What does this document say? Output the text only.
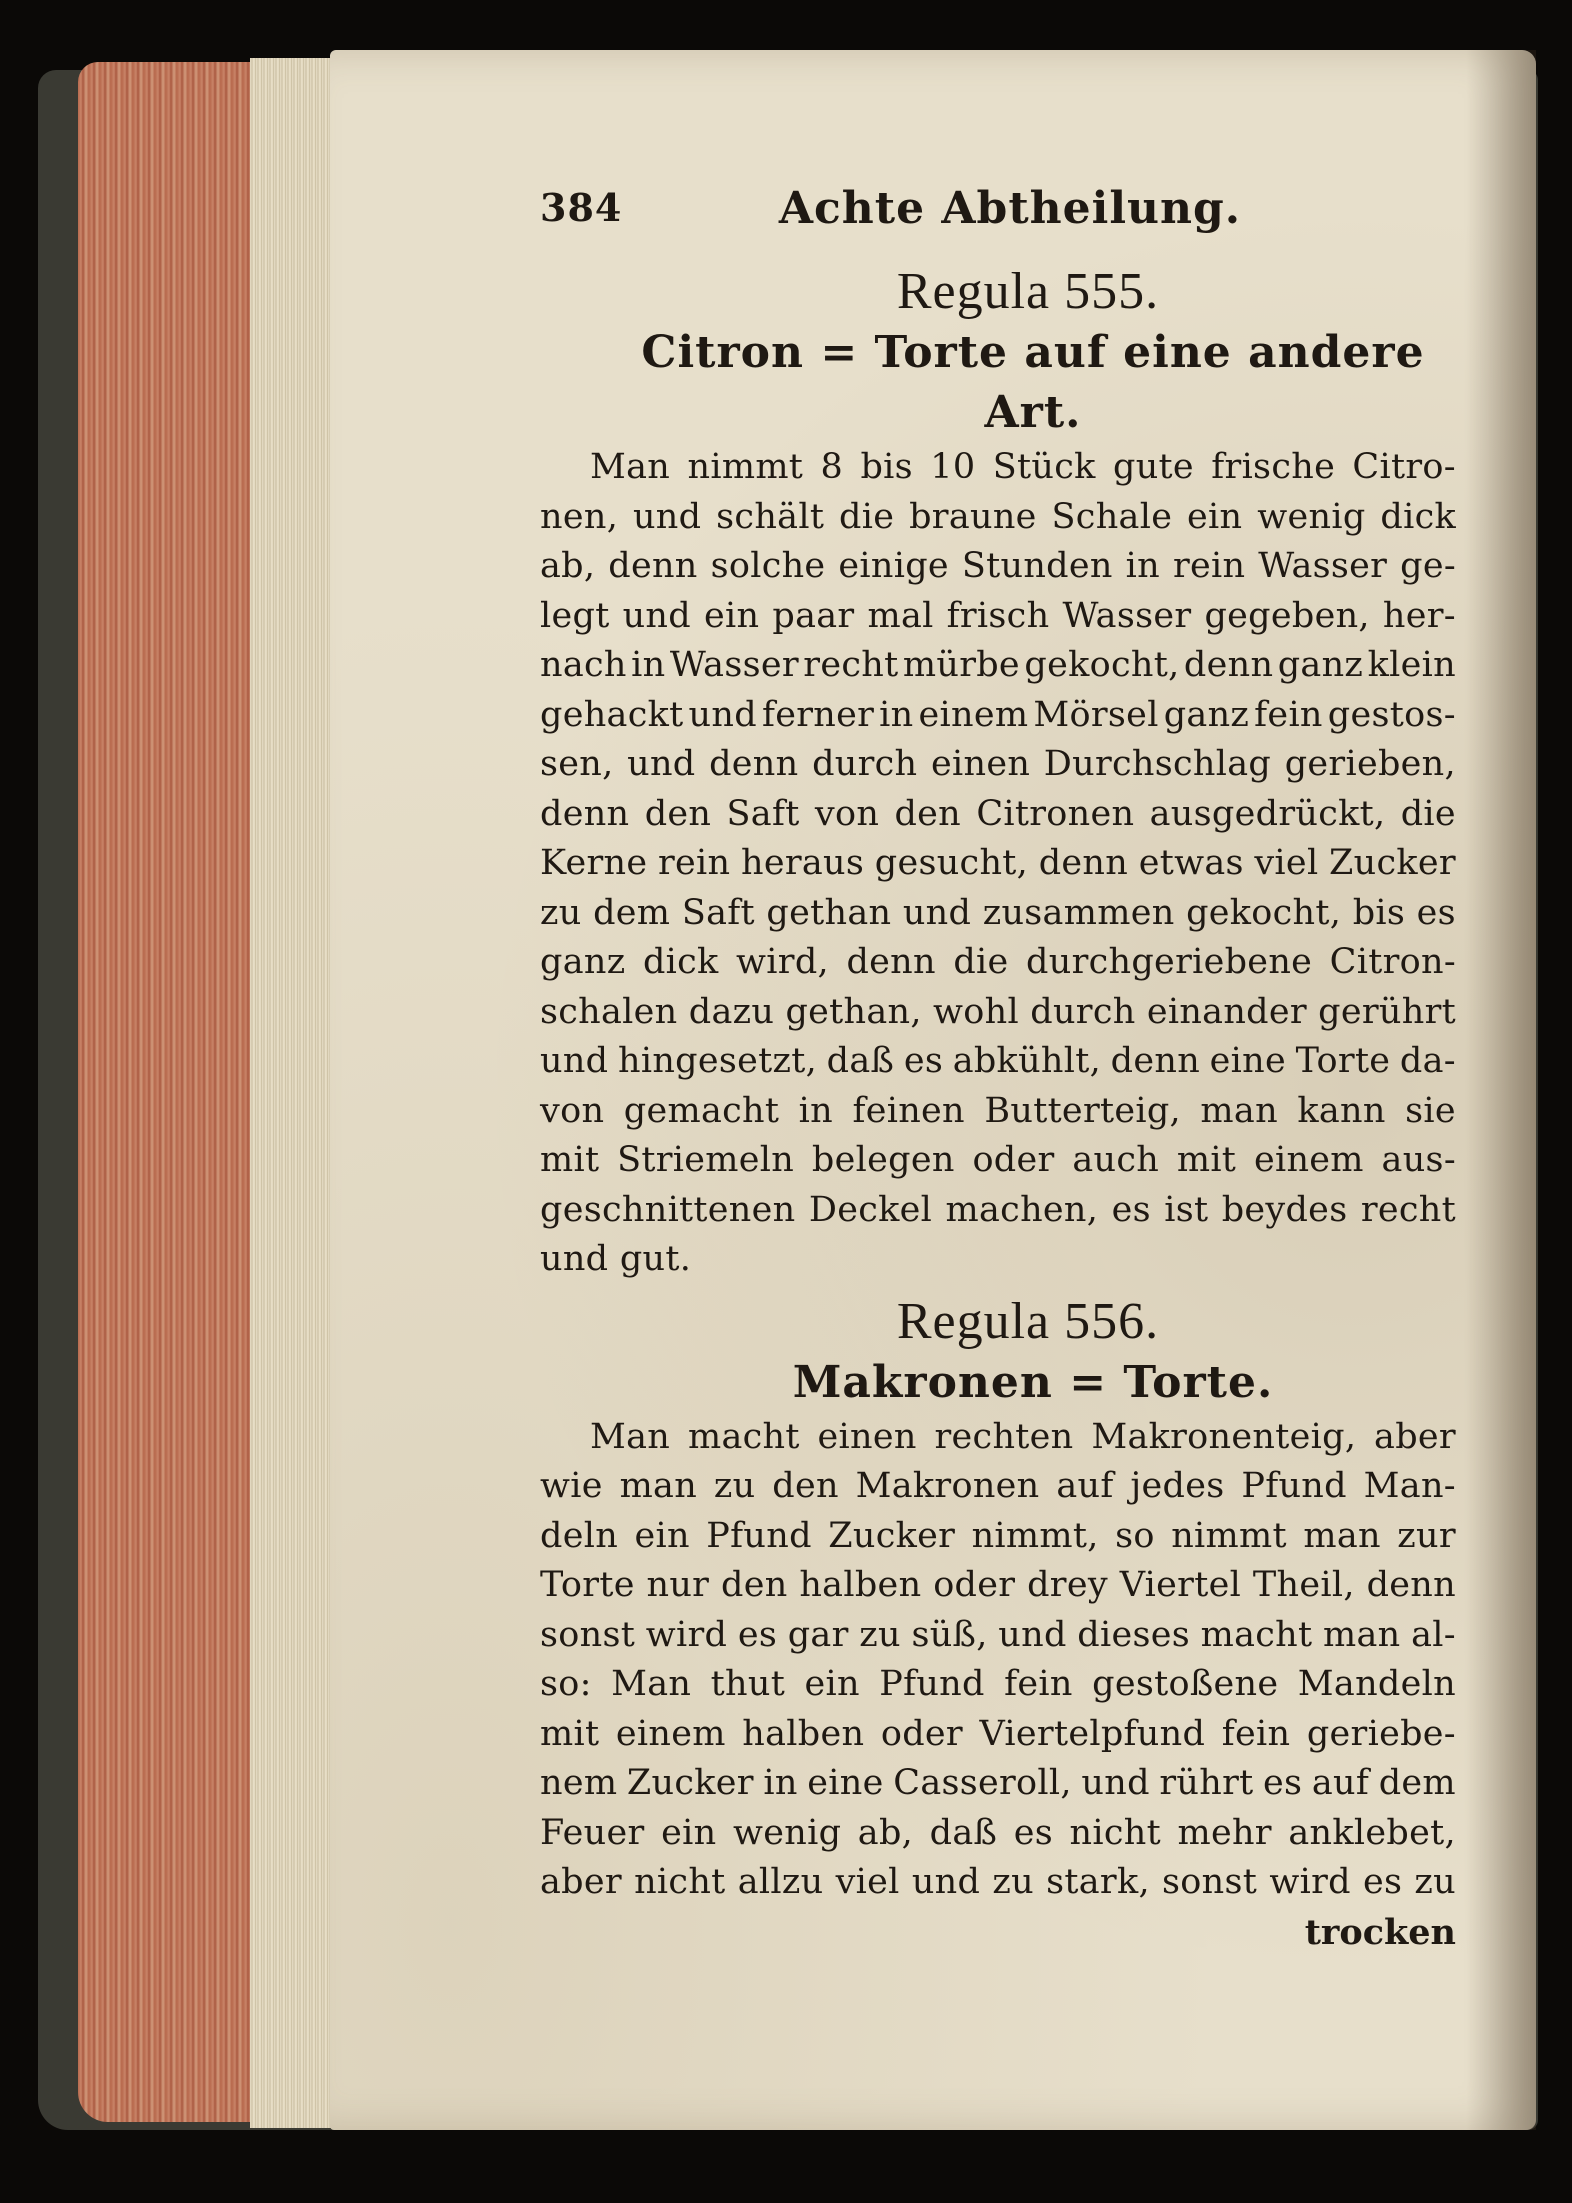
384	Achte Abtheilung.
Regula 555.
Citron = Torte auf eine andere Art.
Man nimmt 8 bis 10 Stück gute frische Citro-
nen, und schält die braune Schale ein wenig dick
ab, denn solche einige Stunden in rein Wasser ge-
legt und ein paar mal frisch Wasser gegeben, her-
nach in Wasser recht mürbe gekocht, denn ganz klein
gehackt und ferner in einem Mörsel ganz fein gestos-
sen, und denn durch einen Durchschlag gerieben,
denn den Saft von den Citronen ausgedrückt, die
Kerne rein heraus gesucht, denn etwas viel Zucker
zu dem Saft gethan und zusammen gekocht, bis es
ganz dick wird, denn die durchgeriebene Citron-
schalen dazu gethan, wohl durch einander gerührt
und hingesetzt, daß es abkühlt, denn eine Torte da-
von gemacht in feinen Butterteig, man kann sie
mit Striemeln belegen oder auch mit einem aus-
geschnittenen Deckel machen, es ist beydes recht
und gut.
Regula 556.
Makronen = Torte.
Man macht einen rechten Makronenteig, aber
wie man zu den Makronen auf jedes Pfund Man-
deln ein Pfund Zucker nimmt, so nimmt man zur
Torte nur den halben oder drey Viertel Theil, denn
sonst wird es gar zu süß, und dieses macht man al-
so: Man thut ein Pfund fein gestoßene Mandeln
mit einem halben oder Viertelpfund fein geriebe-
nem Zucker in eine Casseroll, und rührt es auf dem
Feuer ein wenig ab, daß es nicht mehr anklebet,
aber nicht allzu viel und zu stark, sonst wird es zu
trocken
